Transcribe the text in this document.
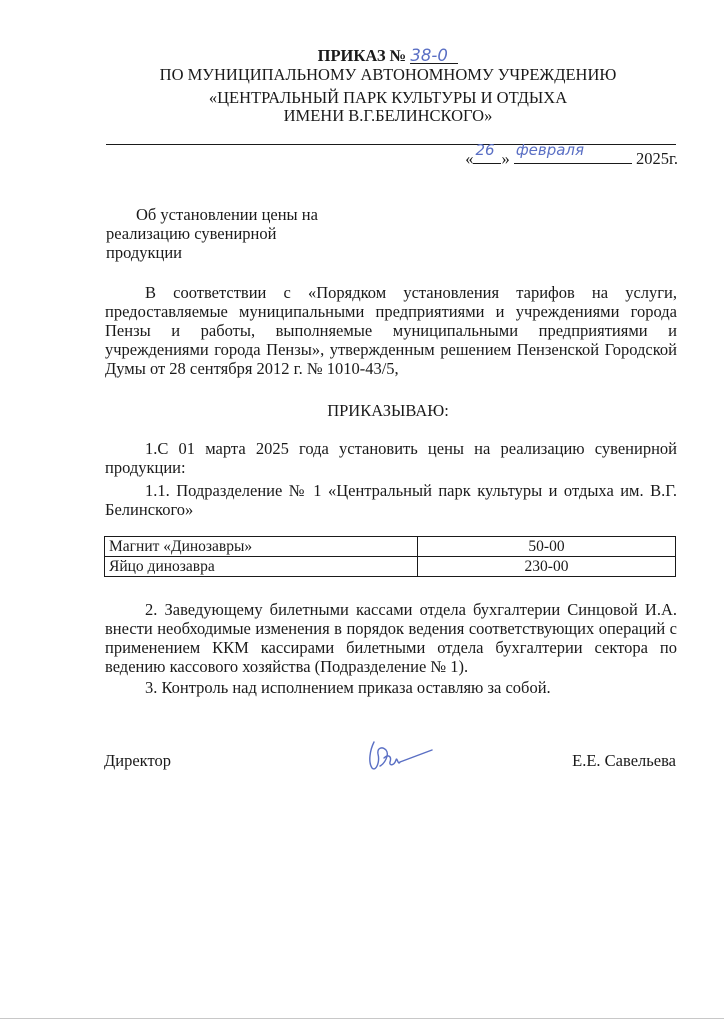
ПРИКАЗ № 38-0
ПО МУНИЦИПАЛЬНОМУ АВТОНОМНОМУ УЧРЕЖДЕНИЮ
«ЦЕНТРАЛЬНЫЙ ПАРК КУЛЬТУРЫ И ОТДЫХА
ИМЕНИ В.Г.БЕЛИНСКОГО»
« 26 » февраля	2025г.
Об установлении цены на
реализацию сувенирной
продукции
В соответствии с «Порядком установления тарифов на услуги, предоставляемые муниципальными предприятиями и учреждениями города Пензы и работы, выполняемые муниципальными предприятиями и учреждениями города Пензы», утвержденным решением Пензенской Городской Думы от 28 сентября 2012 г. № 1010-43/5,
ПРИКАЗЫВАЮ:
1.С 01 марта 2025 года установить цены на реализацию сувенирной продукции:
1.1. Подразделение № 1 «Центральный парк культуры и отдыха им. В.Г. Белинского»
Магнит «Динозавры»	50-00
Яйцо динозавра	230-00
2. Заведующему билетными кассами отдела бухгалтерии Синцовой И.А. внести необходимые изменения в порядок ведения соответствующих операций с применением ККМ кассирами билетными отдела бухгалтерии сектора по ведению кассового хозяйства (Подразделение № 1).
3. Контроль над исполнением приказа оставляю за собой.
Директор	Е.Е. Савельева
